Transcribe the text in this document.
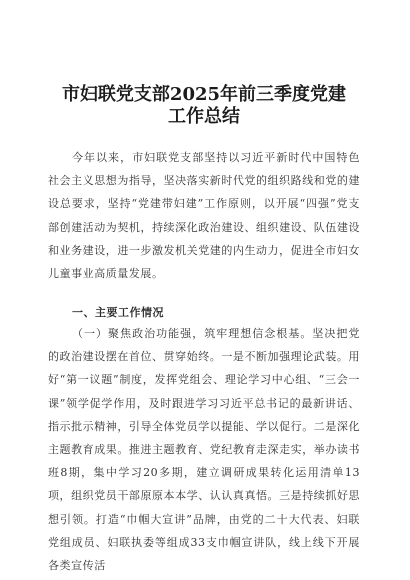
市妇联党支部2025年前三季度党建工作总结
今年以来，市妇联党支部坚持以习近平新时代中国特色社会主义思想为指导，坚决落实新时代党的组织路线和党的建设总要求，坚持“党建带妇建”工作原则，以开展“四强”党支部创建活动为契机，持续深化政治建设、组织建设、队伍建设和业务建设，进一步激发机关党建的内生动力，促进全市妇女儿童事业高质量发展。
一、主要工作情况
（一）聚焦政治功能强，筑牢理想信念根基。坚决把党的政治建设摆在首位、贯穿始终。一是不断加强理论武装。用好“第一议题”制度，发挥党组会、理论学习中心组、“三会一课”领学促学作用，及时跟进学习习近平总书记的最新讲话、指示批示精神，引导全体党员学以提能、学以促行。二是深化主题教育成果。推进主题教育、党纪教育走深走实，举办读书班8期，集中学习20多期，建立调研成果转化运用清单13项，组织党员干部原原本本学、认认真真悟。三是持续抓好思想引领。打造“巾帼大宣讲”品牌，由党的二十大代表、妇联党组成员、妇联执委等组成33支巾帼宣讲队，线上线下开展各类宣传活
